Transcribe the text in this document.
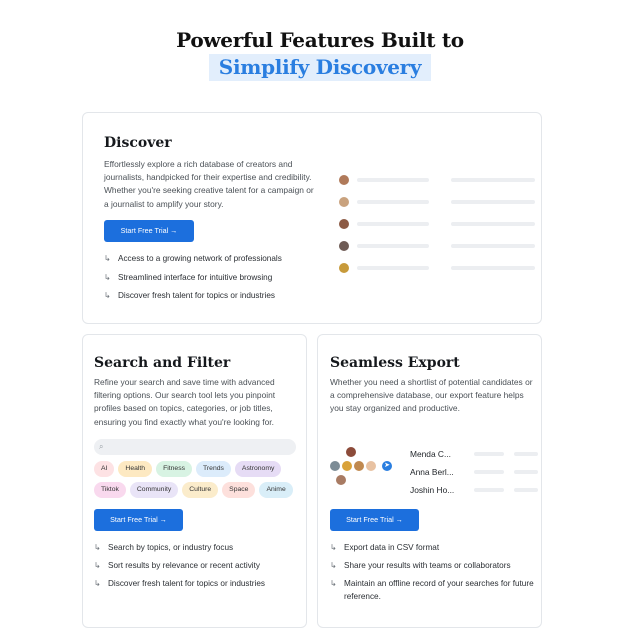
Powerful Features Built to
Simplify Discovery
Discover
Effortlessly explore a rich database of creators and journalists, handpicked for their expertise and credibility. Whether you're seeking creative talent for a campaign or a journalist to amplify your story.
Start Free Trial →
↳ Access to a growing network of professionals
↳ Streamlined interface for intuitive browsing
↳ Discover fresh talent for topics or industries
Search and Filter
Refine your search and save time with advanced filtering options. Our search tool lets you pinpoint profiles based on topics, categories, or job titles, ensuring you find exactly what you're looking for.
⌕
AI	Health	Fitness	Trends	Astronomy
Tiktok	Community	Culture	Space	Anime
Start Free Trial →
↳ Search by topics, or industry focus
↳ Sort results by relevance or recent activity
↳ Discover fresh talent for topics or industries
Seamless Export
Whether you need a shortlist of potential candidates or a comprehensive database, our export feature helps you stay organized and productive.
➤
Menda C...
Anna Berl...
Joshin Ho...
Start Free Trial →
↳ Export data in CSV format
↳ Share your results with teams or collaborators
↳ Maintain an offline record of your searches for future reference.
